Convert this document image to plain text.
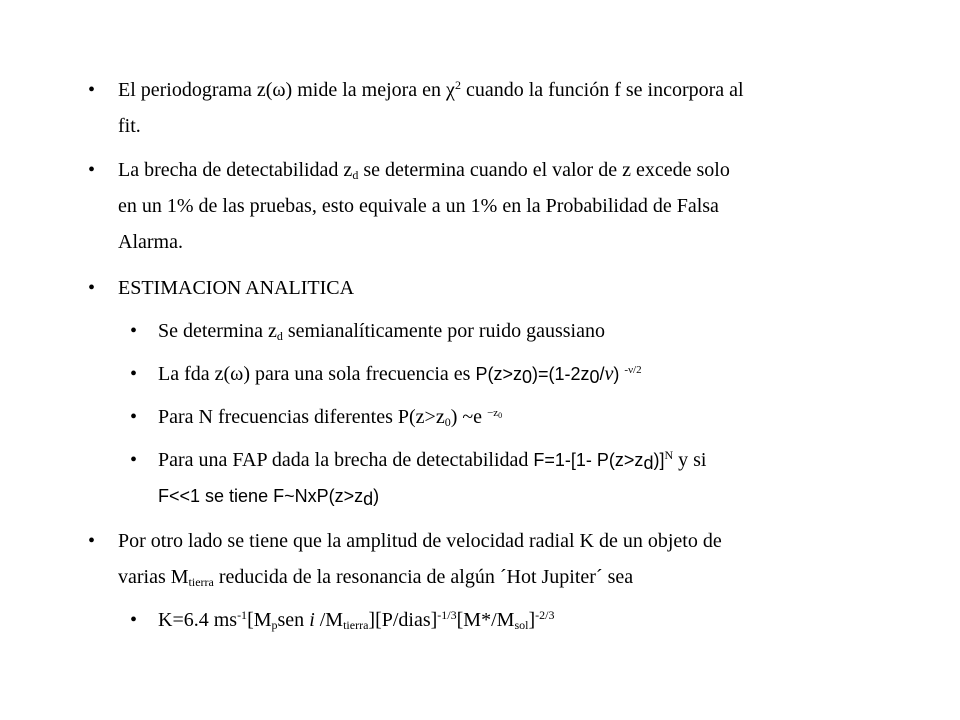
• El periodograma z(ω) mide la mejora en $\chi^2$ cuando la función f se incorpora al
fit.
• La brecha de detectabilidad $z_d$ se determina cuando el valor de z excede solo
en un 1% de las pruebas, esto equivale a un 1% en la Probabilidad de Falsa
Alarma.
• ESTIMACION ANALITICA
• Se determina $z_d$ semianalíticamente por ruido gaussiano
• La fda z(ω) para una sola frecuencia es $P(z>z_0)=(1-2z_0/\nu)$ $^{-\nu/2}$
• Para N frecuencias diferentes $P(z>z_0)$ ~e $^{-z_0}$
• Para una FAP dada la brecha de detectabilidad F=1-[1- $P(z>z_d)]^N$ y si
F<<1 se tiene $F\sim NxP(z>z_d)$
• Por otro lado se tiene que la amplitud de velocidad radial K de un objeto de
varias $M_{tierra}$ reducida de la resonancia de algún ´Hot Jupiter´ sea
• K=6.4 $ms^{-1}[M_psen$ i $/M_{tierra}][P/dias]^{-1/3}[M*/M_{sol}]^{-2/3}$
